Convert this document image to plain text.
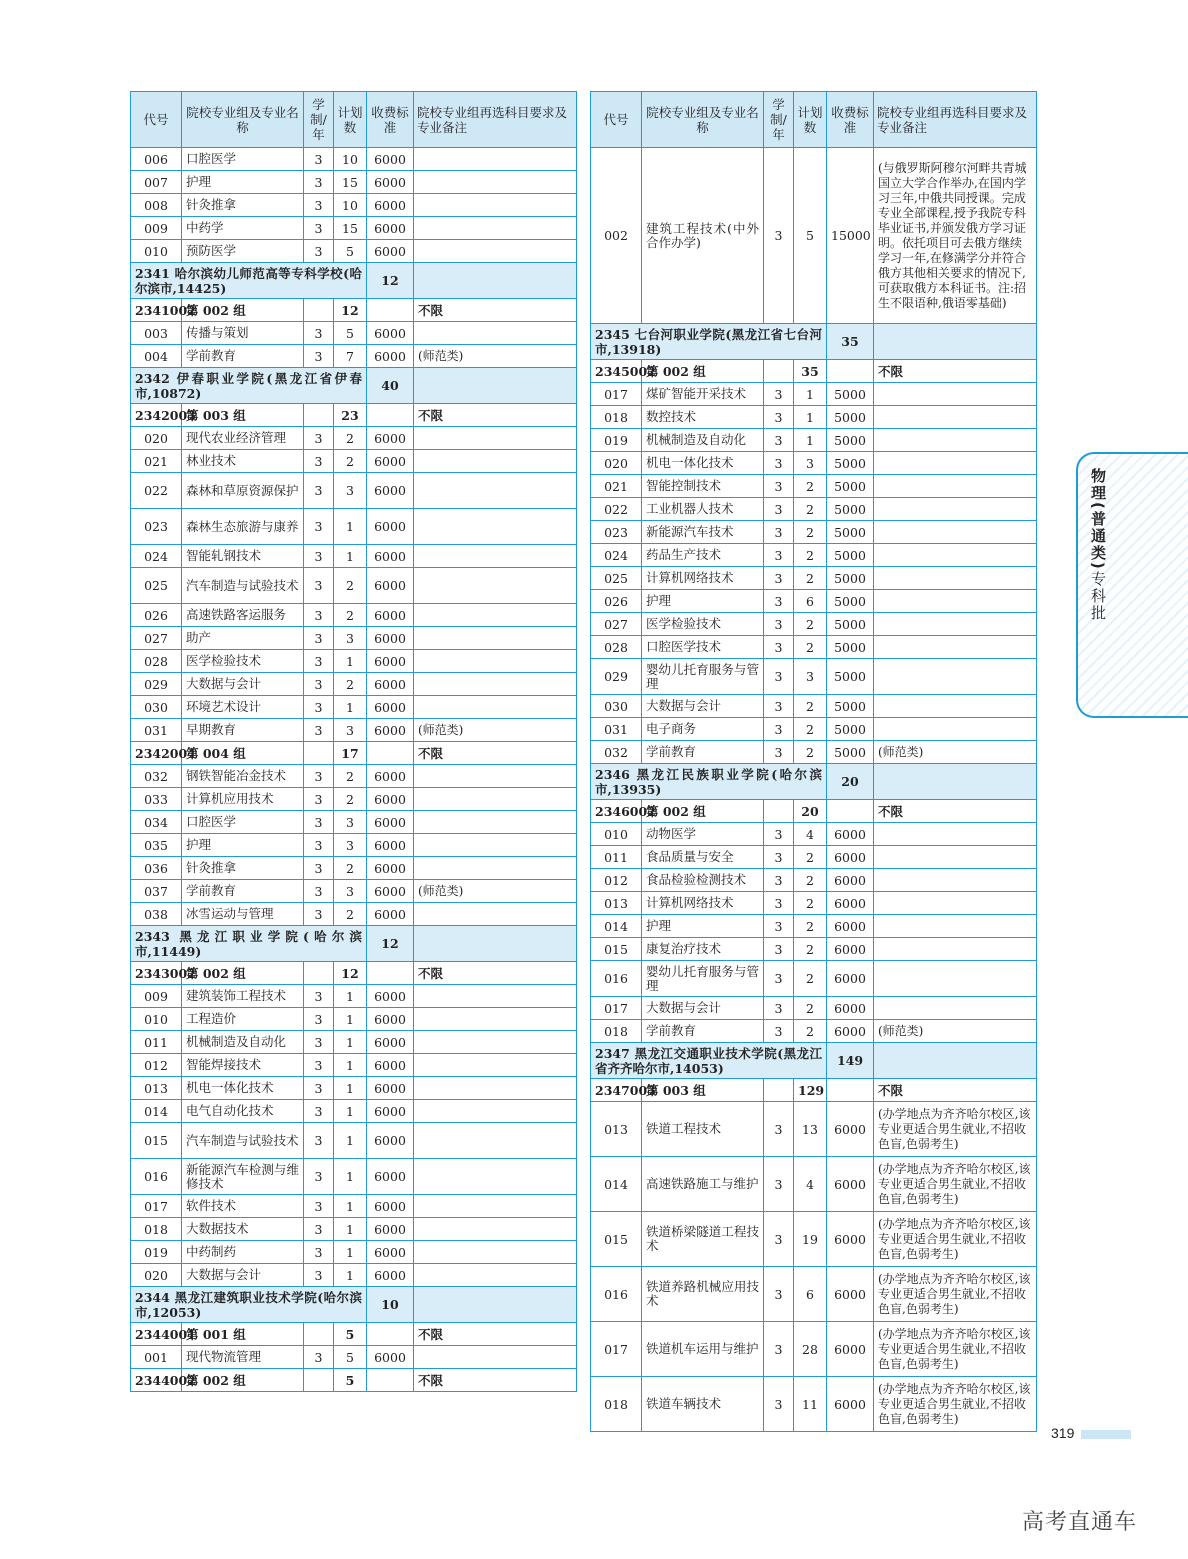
代号	院校专业组及专业名称	学制/年	计划数	收费标准	院校专业组再选科目要求及专业备注	
006	口腔医学	3	10	6000		
007	护理	3	15	6000		
008	针灸推拿	3	10	6000		
009	中药学	3	15	6000		
010	预防医学	3	5	6000		
2341 哈尔滨幼儿师范高等专科学校(哈尔滨市,14425)				12		
2341002	第 002 组		12		不限	
003	传播与策划	3	5	6000		
004	学前教育	3	7	6000	(师范类)	
2342 伊春职业学院(黑龙江省伊春市,10872)				40		
2342003	第 003 组		23		不限	
020	现代农业经济管理	3	2	6000		
021	林业技术	3	2	6000		
022	森林和草原资源保护	3	3	6000		
023	森林生态旅游与康养	3	1	6000		
024	智能轧钢技术	3	1	6000		
025	汽车制造与试验技术	3	2	6000		
026	高速铁路客运服务	3	2	6000		
027	助产	3	3	6000		
028	医学检验技术	3	1	6000		
029	大数据与会计	3	2	6000		
030	环境艺术设计	3	1	6000		
031	早期教育	3	3	6000	(师范类)	
2342004	第 004 组		17		不限	
032	钢铁智能冶金技术	3	2	6000		
033	计算机应用技术	3	2	6000		
034	口腔医学	3	3	6000		
035	护理	3	3	6000		
036	针灸推拿	3	2	6000		
037	学前教育	3	3	6000	(师范类)	
038	冰雪运动与管理	3	2	6000		
2343 黑龙江职业学院(哈尔滨市,11449)				12		
2343002	第 002 组		12		不限	
009	建筑装饰工程技术	3	1	6000		
010	工程造价	3	1	6000		
011	机械制造及自动化	3	1	6000		
012	智能焊接技术	3	1	6000		
013	机电一体化技术	3	1	6000		
014	电气自动化技术	3	1	6000		
015	汽车制造与试验技术	3	1	6000		
016	新能源汽车检测与维修技术	3	1	6000		
017	软件技术	3	1	6000		
018	大数据技术	3	1	6000		
019	中药制药	3	1	6000		
020	大数据与会计	3	1	6000		
2344 黑龙江建筑职业技术学院(哈尔滨市,12053)				10		
2344001	第 001 组		5		不限	
001	现代物流管理	3	5	6000		
2344002	第 002 组		5		不限	
代号	院校专业组及专业名称	学制/年	计划数	收费标准	院校专业组再选科目要求及专业备注	
002	建筑工程技术(中外合作办学)	3	5	15000	(与俄罗斯阿穆尔河畔共青城国立大学合作举办,在国内学习三年,中俄共同授课。完成专业全部课程,授予我院专科毕业证书,并颁发俄方学习证明。依托项目可去俄方继续学习一年,在修满学分并符合俄方其他相关要求的情况下,可获取俄方本科证书。注:招生不限语种,俄语零基础)	
2345 七台河职业学院(黑龙江省七台河市,13918)				35		
2345002	第 002 组		35		不限	
017	煤矿智能开采技术	3	1	5000		
018	数控技术	3	1	5000		
019	机械制造及自动化	3	1	5000		
020	机电一体化技术	3	3	5000		
021	智能控制技术	3	2	5000		
022	工业机器人技术	3	2	5000		
023	新能源汽车技术	3	2	5000		
024	药品生产技术	3	2	5000		
025	计算机网络技术	3	2	5000		
026	护理	3	6	5000		
027	医学检验技术	3	2	5000		
028	口腔医学技术	3	2	5000		
029	婴幼儿托育服务与管理	3	3	5000		
030	大数据与会计	3	2	5000		
031	电子商务	3	2	5000		
032	学前教育	3	2	5000	(师范类)	
2346 黑龙江民族职业学院(哈尔滨市,13935)				20		
2346002	第 002 组		20		不限	
010	动物医学	3	4	6000		
011	食品质量与安全	3	2	6000		
012	食品检验检测技术	3	2	6000		
013	计算机网络技术	3	2	6000		
014	护理	3	2	6000		
015	康复治疗技术	3	2	6000		
016	婴幼儿托育服务与管理	3	2	6000		
017	大数据与会计	3	2	6000		
018	学前教育	3	2	6000	(师范类)	
2347 黑龙江交通职业技术学院(黑龙江省齐齐哈尔市,14053)				149		
2347003	第 003 组		129		不限	
013	铁道工程技术	3	13	6000	(办学地点为齐齐哈尔校区,该专业更适合男生就业,不招收色盲,色弱考生)	
014	高速铁路施工与维护	3	4	6000	(办学地点为齐齐哈尔校区,该专业更适合男生就业,不招收色盲,色弱考生)	
015	铁道桥梁隧道工程技术	3	19	6000	(办学地点为齐齐哈尔校区,该专业更适合男生就业,不招收色盲,色弱考生)	
016	铁道养路机械应用技术	3	6	6000	(办学地点为齐齐哈尔校区,该专业更适合男生就业,不招收色盲,色弱考生)	
017	铁道机车运用与维护	3	28	6000	(办学地点为齐齐哈尔校区,该专业更适合男生就业,不招收色盲,色弱考生)	
018	铁道车辆技术	3	11	6000	(办学地点为齐齐哈尔校区,该专业更适合男生就业,不招收色盲,色弱考生)	
物理(普通类)专科批
319
高考直通车
